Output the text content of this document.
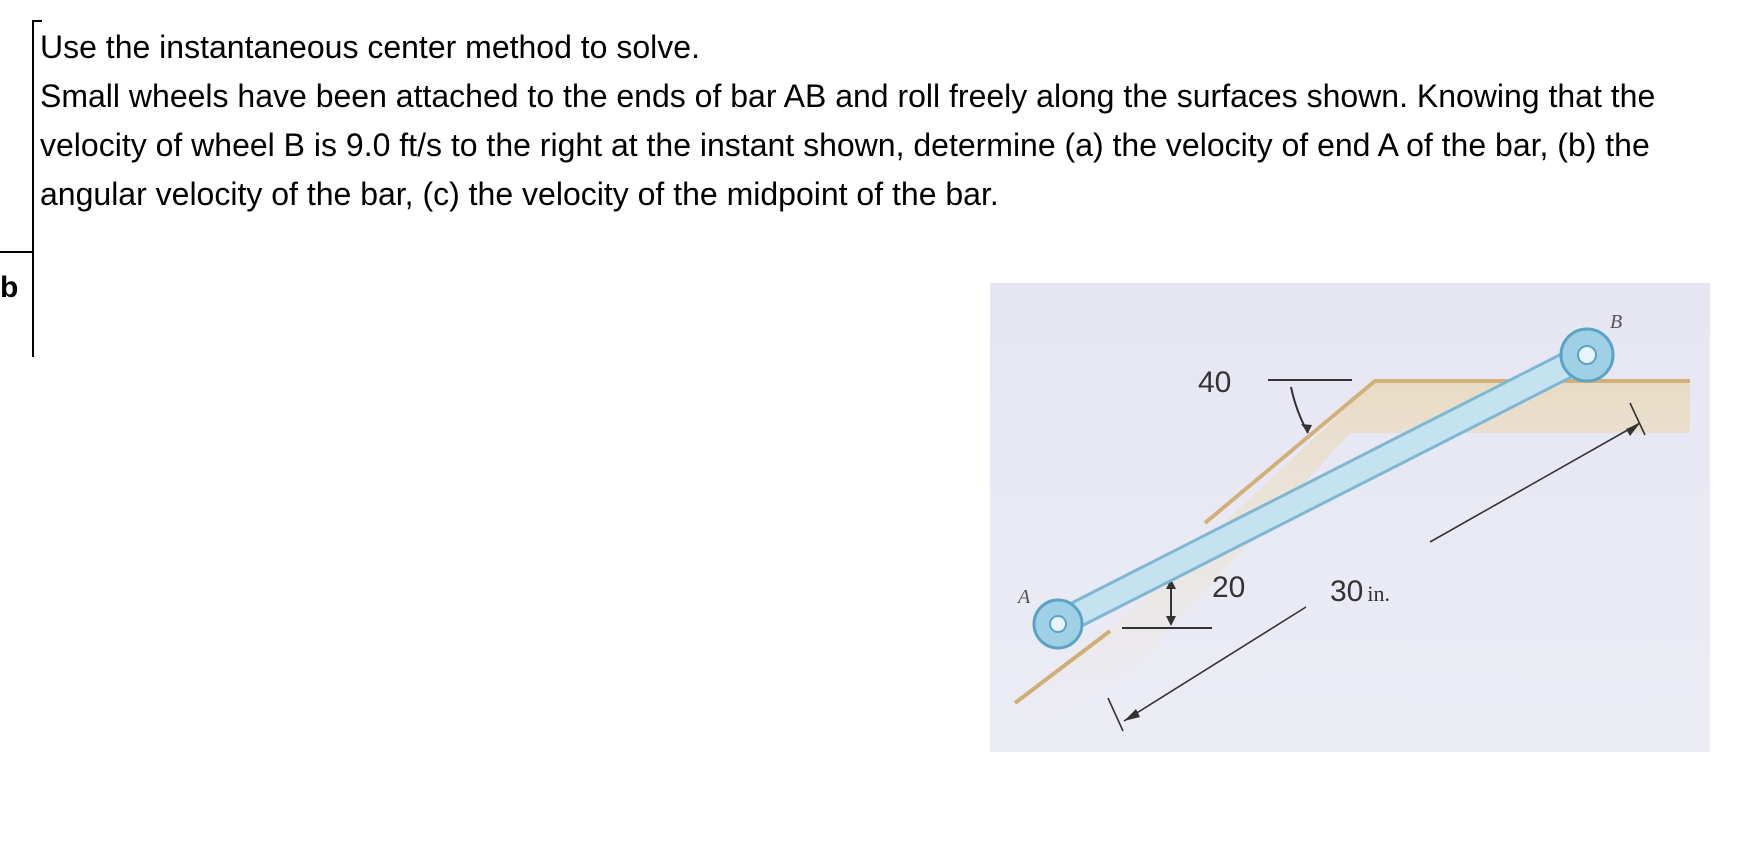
b

Use the instantaneous center method to solve.

Small wheels have been attached to the ends of bar AB and roll freely along the surfaces shown. Knowing that the velocity of wheel B is 9.0 ft/s to the right at the instant shown, determine (a) the velocity of end A of the bar, (b) the angular velocity of the bar, (c) the velocity of the midpoint of the bar.

A
B
40
20	30 in.
